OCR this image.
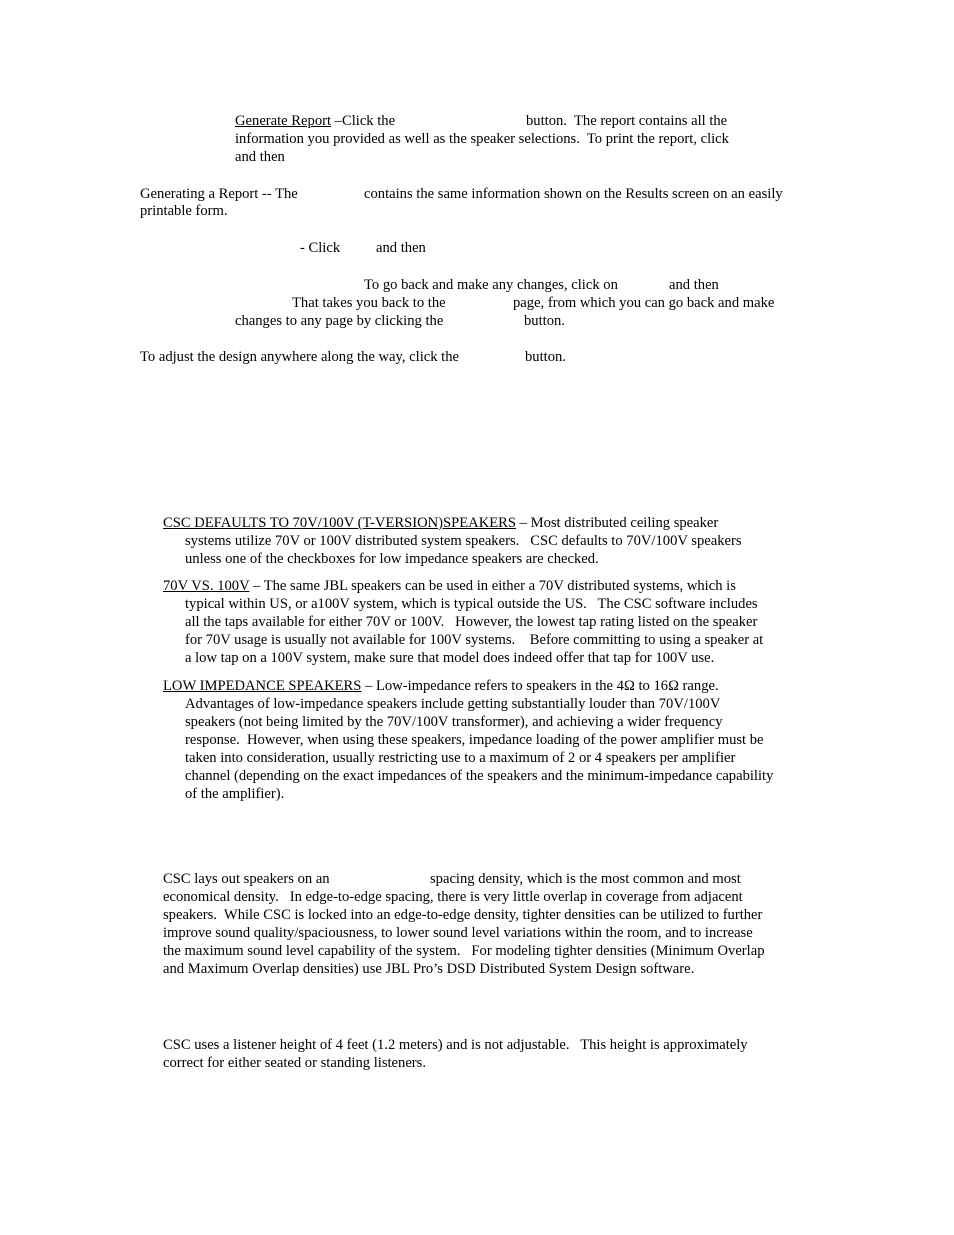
Generate Report –Click the	button.  The report contains all the
information you provided as well as the speaker selections.  To print the report, click
and then
Generating a Report -- The	contains the same information shown on the Results screen on an easily
printable form.
- Click and then
To go back and make any changes, click on	and then
That takes you back to the	page, from which you can go back and make
changes to any page by clicking the	button.
To adjust the design anywhere along the way, click the	button.
CSC DEFAULTS TO 70V/100V (T-VERSION)SPEAKERS – Most distributed ceiling speaker
systems utilize 70V or 100V distributed system speakers.   CSC defaults to 70V/100V speakers
unless one of the checkboxes for low impedance speakers are checked.
70V VS. 100V – The same JBL speakers can be used in either a 70V distributed systems, which is
typical within US, or a100V system, which is typical outside the US.   The CSC software includes
all the taps available for either 70V or 100V.   However, the lowest tap rating listed on the speaker
for 70V usage is usually not available for 100V systems.    Before committing to using a speaker at
a low tap on a 100V system, make sure that model does indeed offer that tap for 100V use.
LOW IMPEDANCE SPEAKERS – Low-impedance refers to speakers in the 4Ω to 16Ω range.
Advantages of low-impedance speakers include getting substantially louder than 70V/100V
speakers (not being limited by the 70V/100V transformer), and achieving a wider frequency
response.  However, when using these speakers, impedance loading of the power amplifier must be
taken into consideration, usually restricting use to a maximum of 2 or 4 speakers per amplifier
channel (depending on the exact impedances of the speakers and the minimum-impedance capability
of the amplifier).
CSC lays out speakers on an	spacing density, which is the most common and most
economical density.   In edge-to-edge spacing, there is very little overlap in coverage from adjacent
speakers.  While CSC is locked into an edge-to-edge density, tighter densities can be utilized to further
improve sound quality/spaciousness, to lower sound level variations within the room, and to increase
the maximum sound level capability of the system.   For modeling tighter densities (Minimum Overlap
and Maximum Overlap densities) use JBL Pro’s DSD Distributed System Design software.
CSC uses a listener height of 4 feet (1.2 meters) and is not adjustable.   This height is approximately
correct for either seated or standing listeners.
